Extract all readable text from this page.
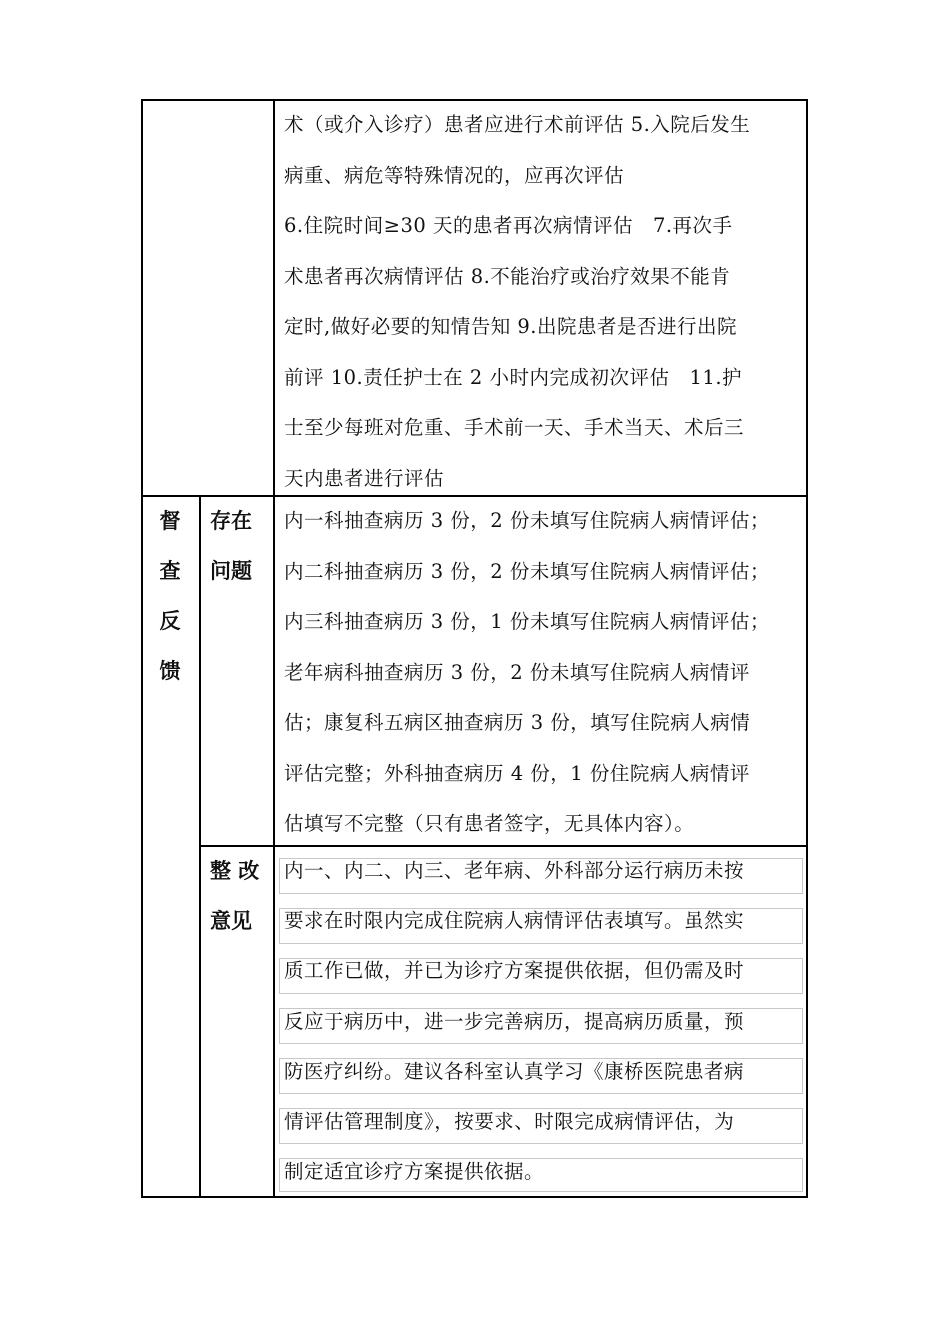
术（或介入诊疗）患者应进行术前评估 5.入院后发生
病重、病危等特殊情况的，应再次评估
6.住院时间≥30 天的患者再次病情评估　7.再次手
术患者再次病情评估 8.不能治疗或治疗效果不能肯
定时,做好必要的知情告知 9.出院患者是否进行出院
前评 10.责任护士在 2 小时内完成初次评估　11.护
士至少每班对危重、手术前一天、手术当天、术后三
天内患者进行评估
督
查
反
馈
存在
问题
内一科抽查病历 3 份，2 份未填写住院病人病情评估；
内二科抽查病历 3 份，2 份未填写住院病人病情评估；
内三科抽查病历 3 份，1 份未填写住院病人病情评估；
老年病科抽查病历 3 份，2 份未填写住院病人病情评
估；康复科五病区抽查病历 3 份，填写住院病人病情
评估完整；外科抽查病历 4 份，1 份住院病人病情评
估填写不完整（只有患者签字，无具体内容）。
整 改
意见
内一、内二、内三、老年病、外科部分运行病历未按
要求在时限内完成住院病人病情评估表填写。虽然实
质工作已做，并已为诊疗方案提供依据，但仍需及时
反应于病历中，进一步完善病历，提高病历质量，预
防医疗纠纷。建议各科室认真学习《康桥医院患者病
情评估管理制度》，按要求、时限完成病情评估，为
制定适宜诊疗方案提供依据。
